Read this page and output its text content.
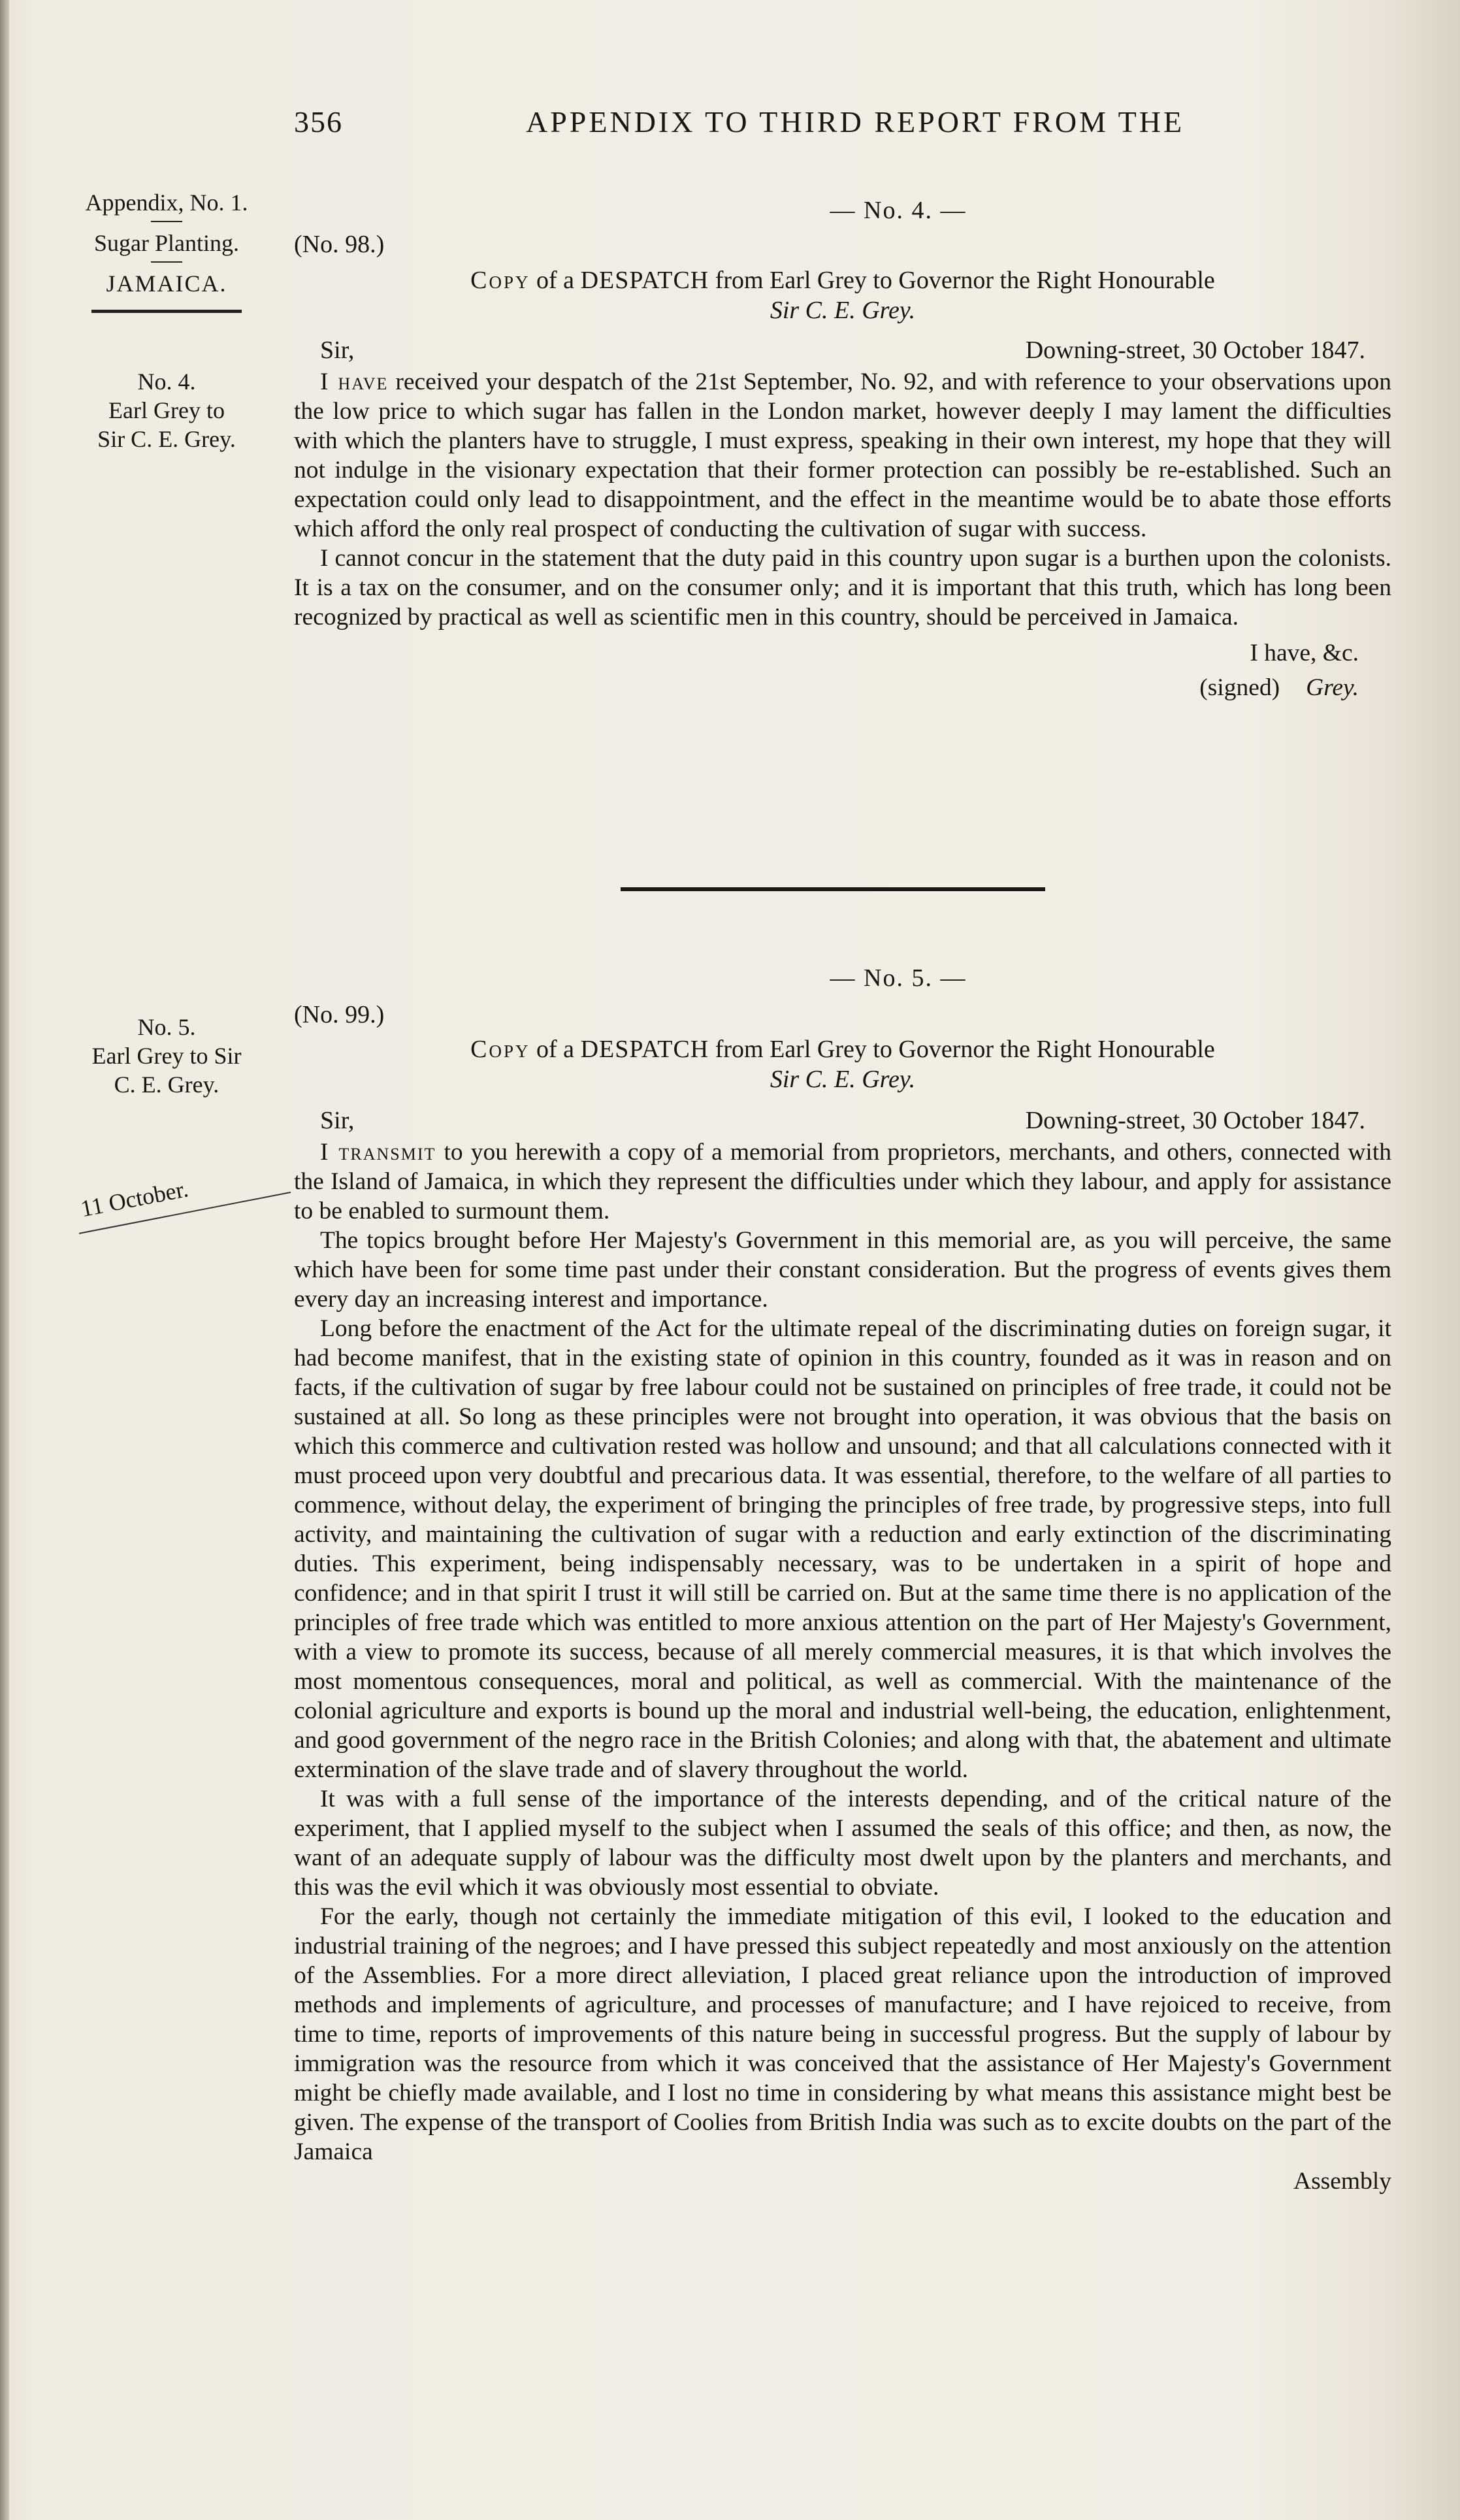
356	APPENDIX TO THIRD REPORT FROM THE
Appendix, No. 1.
Sugar Planting.
JAMAICA.
No. 4.
Earl Grey to
Sir C. E. Grey.
No. 5.
Earl Grey to Sir
C. E. Grey.
11 October.
— No. 4. —
(No. 98.)
Copy of a DESPATCH from Earl Grey to Governor the Right Honourable
Sir C. E. Grey.
Sir,	Downing-street, 30 October 1847.

I have received your despatch of the 21st September, No. 92, and with reference to your observations upon the low price to which sugar has fallen in the London market, however deeply I may lament the difficulties with which the planters have to struggle, I must express, speaking in their own interest, my hope that they will not indulge in the visionary expectation that their former protection can possibly be re-established. Such an expectation could only lead to disappointment, and the effect in the meantime would be to abate those efforts which afford the only real prospect of conducting the cultivation of sugar with success.

I cannot concur in the statement that the duty paid in this country upon sugar is a burthen upon the colonists. It is a tax on the consumer, and on the consumer only; and it is important that this truth, which has long been recognized by practical as well as scientific men in this country, should be perceived in Jamaica.

I have, &c.
(signed) Grey.
— No. 5. —
(No. 99.)
Copy of a DESPATCH from Earl Grey to Governor the Right Honourable
Sir C. E. Grey.
Sir,	Downing-street, 30 October 1847.

I transmit to you herewith a copy of a memorial from proprietors, merchants, and others, connected with the Island of Jamaica, in which they represent the difficulties under which they labour, and apply for assistance to be enabled to surmount them.

The topics brought before Her Majesty's Government in this memorial are, as you will perceive, the same which have been for some time past under their constant consideration. But the progress of events gives them every day an increasing interest and importance.

Long before the enactment of the Act for the ultimate repeal of the discriminating duties on foreign sugar, it had become manifest, that in the existing state of opinion in this country, founded as it was in reason and on facts, if the cultivation of sugar by free labour could not be sustained on principles of free trade, it could not be sustained at all. So long as these principles were not brought into operation, it was obvious that the basis on which this commerce and cultivation rested was hollow and unsound; and that all calculations connected with it must proceed upon very doubtful and precarious data. It was essential, therefore, to the welfare of all parties to commence, without delay, the experiment of bringing the principles of free trade, by progressive steps, into full activity, and maintaining the cultivation of sugar with a reduction and early extinction of the discriminating duties. This experiment, being indispensably necessary, was to be undertaken in a spirit of hope and confidence; and in that spirit I trust it will still be carried on. But at the same time there is no application of the principles of free trade which was entitled to more anxious attention on the part of Her Majesty's Government, with a view to promote its success, because of all merely commercial measures, it is that which involves the most momentous consequences, moral and political, as well as commercial. With the maintenance of the colonial agriculture and exports is bound up the moral and industrial well-being, the education, enlightenment, and good government of the negro race in the British Colonies; and along with that, the abatement and ultimate extermination of the slave trade and of slavery throughout the world.

It was with a full sense of the importance of the interests depending, and of the critical nature of the experiment, that I applied myself to the subject when I assumed the seals of this office; and then, as now, the want of an adequate supply of labour was the difficulty most dwelt upon by the planters and merchants, and this was the evil which it was obviously most essential to obviate.

For the early, though not certainly the immediate mitigation of this evil, I looked to the education and industrial training of the negroes; and I have pressed this subject repeatedly and most anxiously on the attention of the Assemblies. For a more direct alleviation, I placed great reliance upon the introduction of improved methods and implements of agriculture, and processes of manufacture; and I have rejoiced to receive, from time to time, reports of improvements of this nature being in successful progress. But the supply of labour by immigration was the resource from which it was conceived that the assistance of Her Majesty's Government might be chiefly made available, and I lost no time in considering by what means this assistance might best be given. The expense of the transport of Coolies from British India was such as to excite doubts on the part of the Jamaica

Assembly
